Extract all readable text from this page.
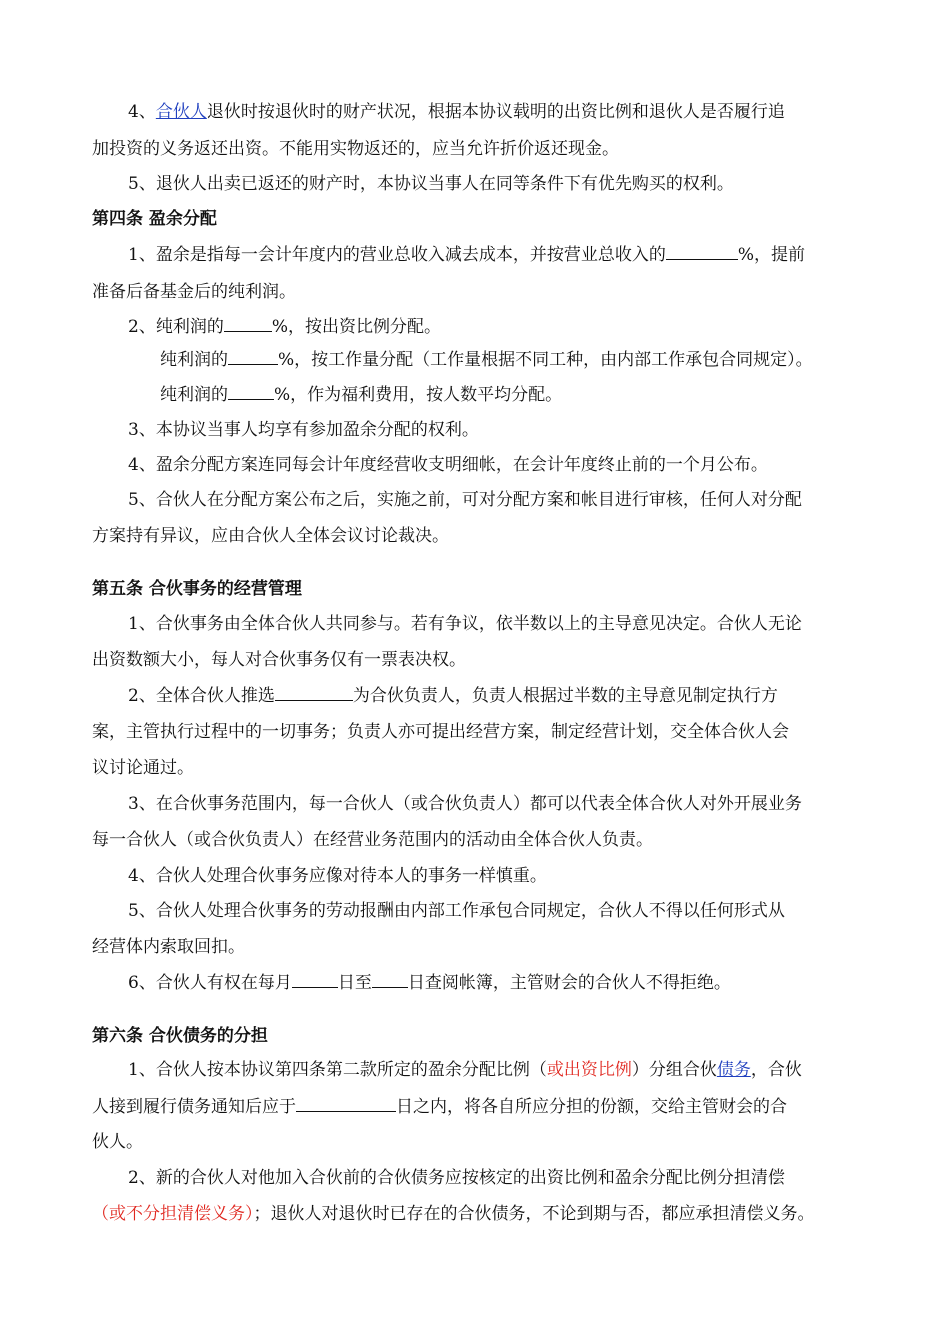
4、合伙人退伙时按退伙时的财产状况，根据本协议载明的出资比例和退伙人是否履行追
加投资的义务返还出资。不能用实物返还的，应当允许折价返还现金。
5、退伙人出卖已返还的财产时，本协议当事人在同等条件下有优先购买的权利。
第四条 盈余分配
1、盈余是指每一会计年度内的营业总收入减去成本，并按营业总收入的	%，提前
准备后备基金后的纯利润。
2、纯利润的	%，按出资比例分配。
纯利润的	%，按工作量分配（工作量根据不同工种，由内部工作承包合同规定）。
纯利润的	%，作为福利费用，按人数平均分配。
3、本协议当事人均享有参加盈余分配的权利。
4、盈余分配方案连同每会计年度经营收支明细帐，在会计年度终止前的一个月公布。
5、合伙人在分配方案公布之后，实施之前，可对分配方案和帐目进行审核，任何人对分配
方案持有异议，应由合伙人全体会议讨论裁决。
第五条 合伙事务的经营管理
1、合伙事务由全体合伙人共同参与。若有争议，依半数以上的主导意见决定。合伙人无论
出资数额大小，每人对合伙事务仅有一票表决权。
2、全体合伙人推选	为合伙负责人，负责人根据过半数的主导意见制定执行方
案，主管执行过程中的一切事务；负责人亦可提出经营方案，制定经营计划，交全体合伙人会
议讨论通过。
3、在合伙事务范围内，每一合伙人（或合伙负责人）都可以代表全体合伙人对外开展业务
每一合伙人（或合伙负责人）在经营业务范围内的活动由全体合伙人负责。
4、合伙人处理合伙事务应像对待本人的事务一样慎重。
5、合伙人处理合伙事务的劳动报酬由内部工作承包合同规定，合伙人不得以任何形式从
经营体内索取回扣。
6、合伙人有权在每月	日至 日查阅帐簿，主管财会的合伙人不得拒绝。
第六条 合伙债务的分担
1、合伙人按本协议第四条第二款所定的盈余分配比例（或出资比例）分组合伙债务，合伙
人接到履行债务通知后应于	日之内，将各自所应分担的份额，交给主管财会的合
伙人。
2、新的合伙人对他加入合伙前的合伙债务应按核定的出资比例和盈余分配比例分担清偿
（或不分担清偿义务）；退伙人对退伙时已存在的合伙债务，不论到期与否，都应承担清偿义务。
